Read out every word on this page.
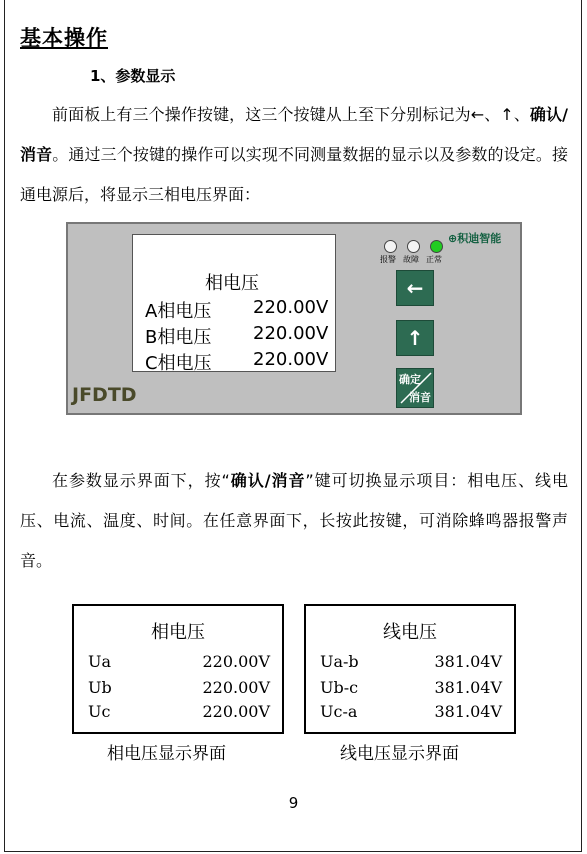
基本操作
1、参数显示
前面板上有三个操作按键，这三个按键从上至下分别标记为←、↑、确认/消音。通过三个按键的操作可以实现不同测量数据的显示以及参数的设定。接通电源后，将显示三相电压界面：
相电压
A相电压 220.00V
B相电压 220.00V
C相电压 220.00V
JFDTD
报警 故障 正常
⊕积迪智能
←
↑
确定
消音
在参数显示界面下，按“确认/消音”键可切换显示项目：相电压、线电压、电流、温度、时间。在任意界面下，长按此按键，可消除蜂鸣器报警声音。
相电压
Ua	220.00V
Ub	220.00V
Uc	220.00V
线电压
Ua-b	381.04V
Ub-c	381.04V
Uc-a	381.04V
相电压显示界面	线电压显示界面
9
